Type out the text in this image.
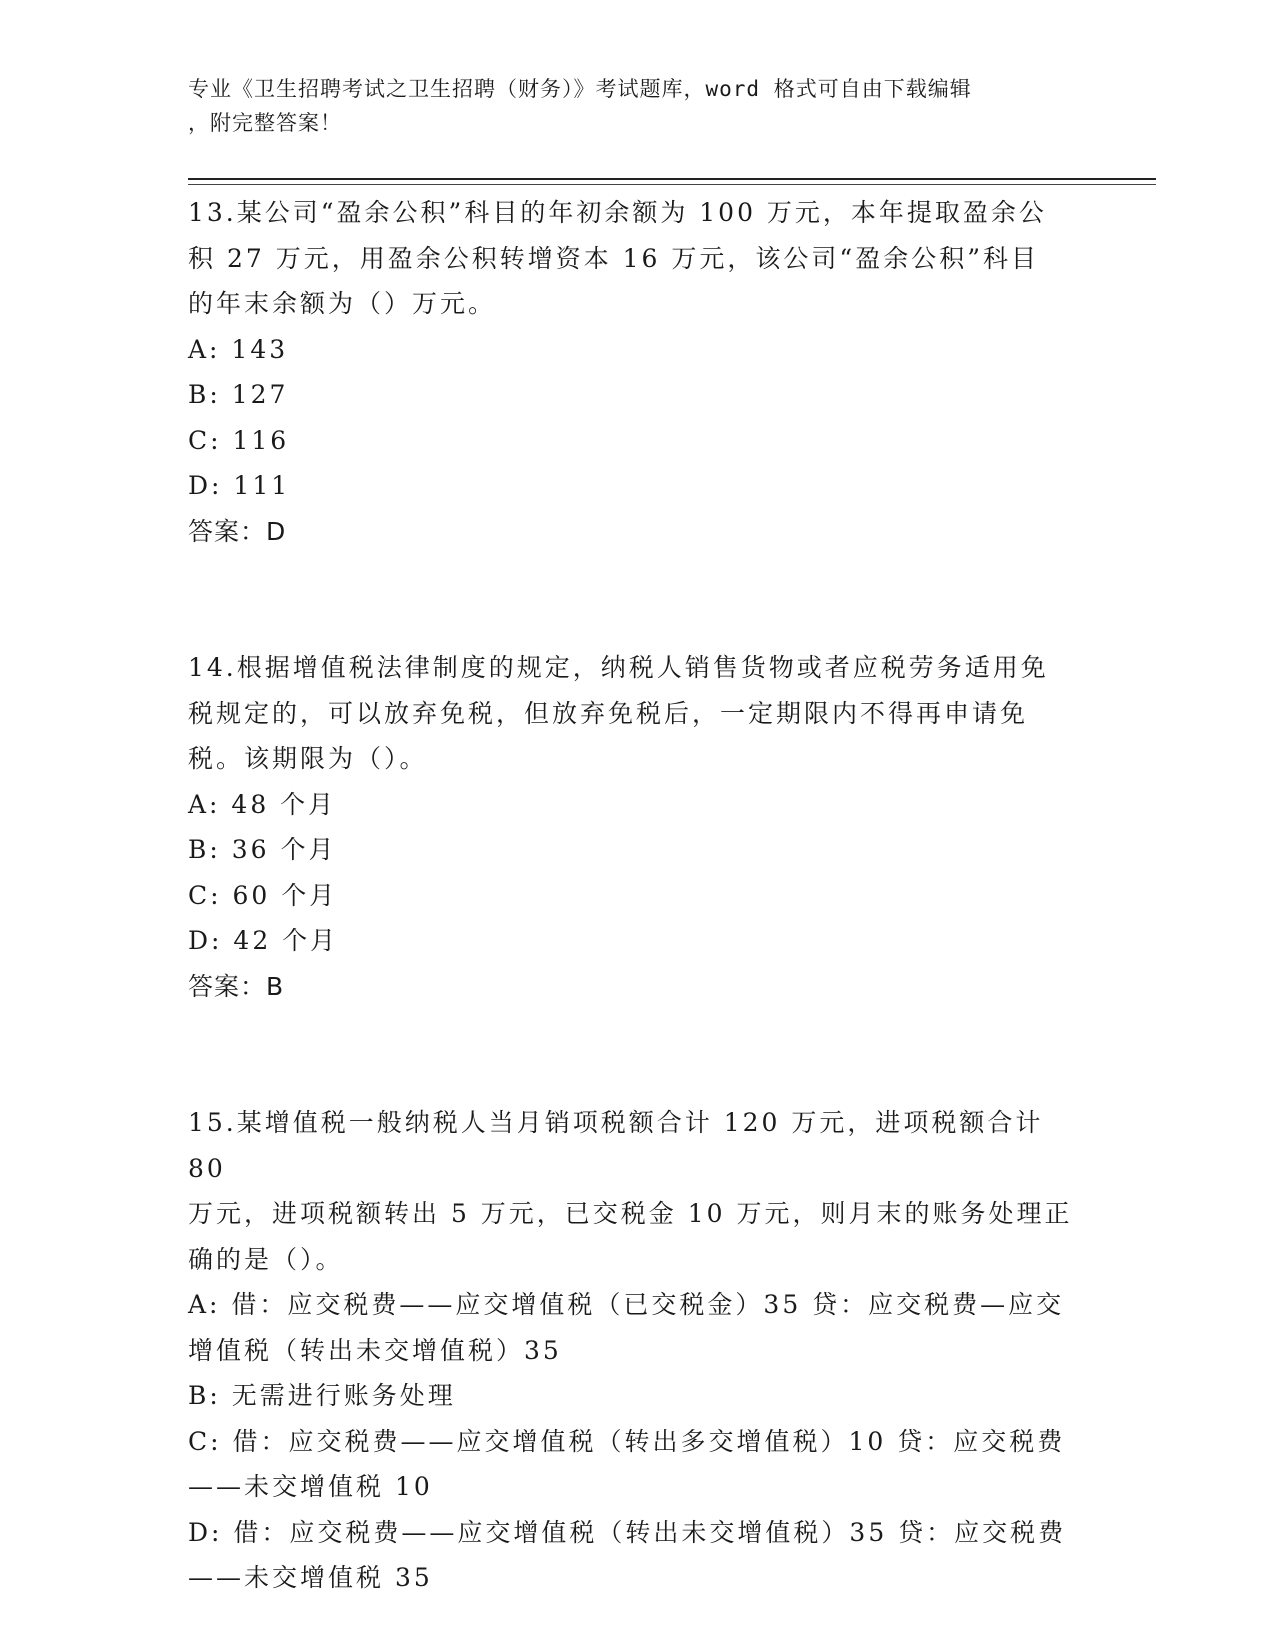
专业《卫生招聘考试之卫生招聘（财务）》考试题库，word 格式可自由下载编辑
，附完整答案！

13.某公司“盈余公积”科目的年初余额为 100 万元，本年提取盈余公

积 27 万元，用盈余公积转增资本 16 万元，该公司“盈余公积”科目

的年末余额为（）万元。

A: 143

B: 127

C: 116

D: 111

答案：D

14.根据增值税法律制度的规定，纳税人销售货物或者应税劳务适用免

税规定的，可以放弃免税，但放弃免税后，一定期限内不得再申请免

税。该期限为（）。

A: 48 个月

B: 36 个月

C: 60 个月

D: 42 个月

答案：B

15.某增值税一般纳税人当月销项税额合计 120 万元，进项税额合计 80

万元，进项税额转出 5 万元，已交税金 10 万元，则月末的账务处理正

确的是（）。

A: 借：应交税费——应交增值税（已交税金）35 贷：应交税费—应交

增值税（转出未交增值税）35

B: 无需进行账务处理

C: 借：应交税费——应交增值税（转出多交增值税）10 贷：应交税费

——未交增值税 10

D: 借：应交税费——应交增值税（转出未交增值税）35 贷：应交税费

——未交增值税 35
